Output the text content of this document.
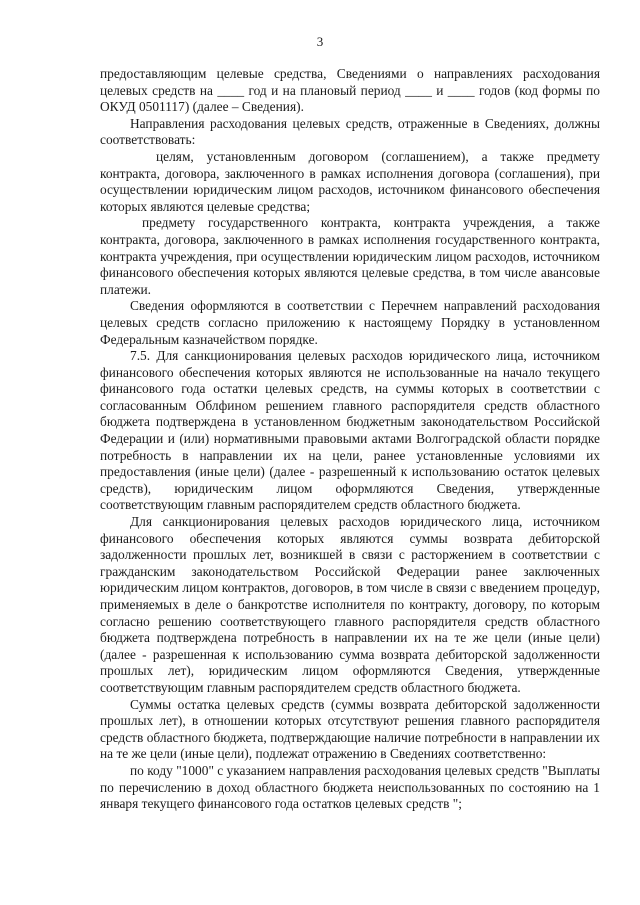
3

предоставляющим целевые средства, Сведениями о направлениях расходования целевых средств на ____ год и на плановый период ____ и ____ годов (код формы по ОКУД 0501117) (далее – Сведения).

Направления расходования целевых средств, отраженные в Сведениях, должны соответствовать:

целям, установленным договором (соглашением), а также предмету контракта, договора, заключенного в рамках исполнения договора (соглашения), при осуществлении юридическим лицом расходов, источником финансового обеспечения которых являются целевые средства;

предмету государственного контракта, контракта учреждения, а также контракта, договора, заключенного в рамках исполнения государственного контракта, контракта учреждения, при осуществлении юридическим лицом расходов, источником финансового обеспечения которых являются целевые средства, в том числе авансовые платежи.

Сведения оформляются в соответствии с Перечнем направлений расходования целевых средств согласно приложению к настоящему Порядку в установленном Федеральным казначейством порядке.

7.5. Для санкционирования целевых расходов юридического лица, источником финансового обеспечения которых являются не использованные на начало текущего финансового года остатки целевых средств, на суммы которых в соответствии с согласованным Облфином решением главного распорядителя средств областного бюджета подтверждена в установленном бюджетным законодательством Российской Федерации и (или) нормативными правовыми актами Волгоградской области порядке потребность в направлении их на цели, ранее установленные условиями их предоставления (иные цели) (далее - разрешенный к использованию остаток целевых средств), юридическим лицом оформляются Сведения, утвержденные соответствующим главным распорядителем средств областного бюджета.

Для санкционирования целевых расходов юридического лица, источником финансового обеспечения которых являются суммы возврата дебиторской задолженности прошлых лет, возникшей в связи с расторжением в соответствии с гражданским законодательством Российской Федерации ранее заключенных юридическим лицом контрактов, договоров, в том числе в связи с введением процедур, применяемых в деле о банкротстве исполнителя по контракту, договору, по которым согласно решению соответствующего главного распорядителя средств областного бюджета подтверждена потребность в направлении их на те же цели (иные цели) (далее - разрешенная к использованию сумма возврата дебиторской задолженности прошлых лет), юридическим лицом оформляются Сведения, утвержденные соответствующим главным распорядителем средств областного бюджета.

Суммы остатка целевых средств (суммы возврата дебиторской задолженности прошлых лет), в отношении которых отсутствуют решения главного распорядителя средств областного бюджета, подтверждающие наличие потребности в направлении их на те же цели (иные цели), подлежат отражению в Сведениях соответственно:

по коду "1000" с указанием направления расходования целевых средств "Выплаты по перечислению в доход областного бюджета неиспользованных по состоянию на 1 января текущего финансового года остатков целевых средств ";
